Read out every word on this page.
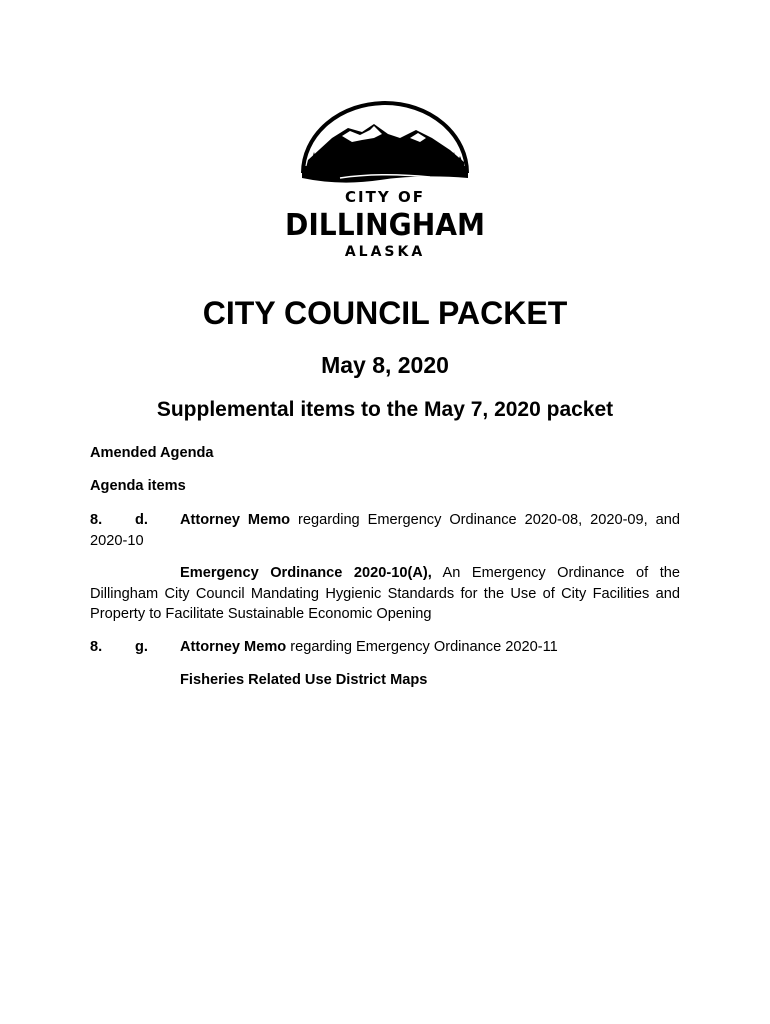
CITY OF
DILLINGHAM
ALASKA
CITY COUNCIL PACKET
May 8, 2020
Supplemental items to the May 7, 2020 packet

Amended Agenda

Agenda items

8. d. Attorney Memo regarding Emergency Ordinance 2020-08, 2020-09, and
2020-10
Emergency Ordinance 2020-10(A), An Emergency Ordinance of the Dillingham City Council Mandating Hygienic Standards for the Use of City Facilities and Property to Facilitate Sustainable Economic Opening
8. g. Attorney Memo regarding Emergency Ordinance 2020-11
Fisheries Related Use District Maps
